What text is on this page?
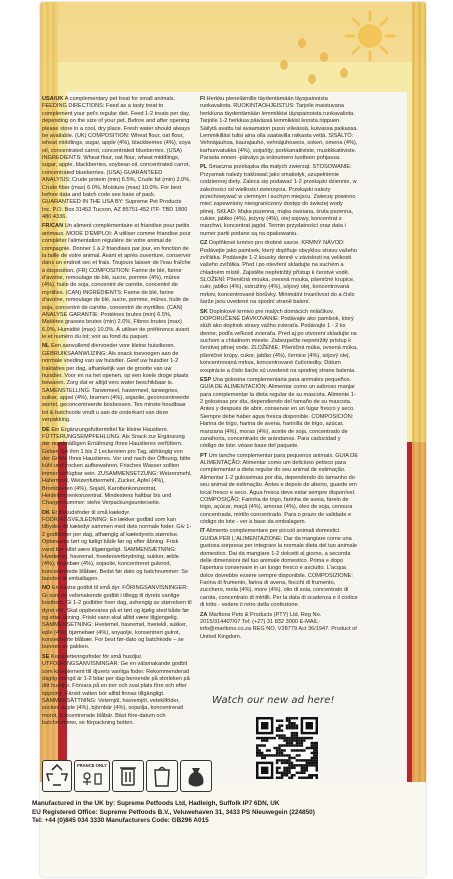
USA/UK A complementary pet treat for small animals. FEEDING DIRECTIONS: Feed as a tasty treat to complement your pet's regular diet. Feed 1-2 treats per day, depending on the size of your pet. Before and after opening please store in a cool, dry place. Fresh water should always be available. (UK) COMPOSITION: Wheat flour, oat flour, wheat middlings, sugar, apple (4%), blackberries (4%), soya oil, concentrated carrot, concentrated blueberries. (USA) INGREDIENTS: Wheat flour, oat flour, wheat middlings, sugar, apple, blackberries, soybean oil, concentrated carrot, concentrated blueberries. (USA) GUARANTEED ANALYSIS: Crude protein (min) 6.5%, Crude fat (min) 2.0%, Crude fiber (max) 6.0%, Moisture (max) 10.0%. For best before data and batch code see base of pack. GUARANTEED IN THE USA BY: Supreme Pet Products Inc. P.O. Box 31452 Tucson, AZ 85751-452 ITF: TBD 1800 480 4336.
FR/CAN Un aliment complémentaire et friandise pour petits animaux. MODE D'EMPLOI: À utiliser comme friandise pour compléter l'alimentation régulière de votre animal de compagnie. Donner 1 à 2 friandises par jour, en fonction de la taille de votre animal. Avant et après ouverture, conserver dans un endroit sec et frais. Toujours laisser de l'eau fraîche à disposition. (FR) COMPOSITION: Farine de blé, farine d'avoine, remoulage de blé, sucre, pomme (4%), mûres (4%), huile de soja, concentré de carotte, concentré de myrtilles. (CAN) INGRÉDIENTS: Farine de blé, farine d'avoine, remoulage de blé, sucre, pomme, mûres, huile de soja, concentré de carotte, concentré de myrtilles. (CAN) ANALYSE GARANTIE: Protéines brutes (min) 6.5%, Matières grasses brutes (min) 2.0%, Fibres brutes (max) 6.0%, Humidité (max) 10.0%. À utiliser de préférence avant le et numéro du lot; voir au fond du paquet.
NL Een aanvullend diervoeder voor kleine huisdieren. GEBRUIKSAANWIJZING: Als snack toevoegen aan de normale voeding van uw huisdier. Geef uw huisdier 1-2 traktaties per dag, afhankelijk van de grootte van uw huisdier. Voor en na het openen, op een koele droge plaats bewaren. Zorg dat er altijd vers water beschikbaar is. SAMENSTELLING: Tarwemeel, havermeel, tarwegries, suiker, appel (4%), bramen (4%), sojaolie, geconcentreerde wortel, geconcentreerde bosbessen. Ten minste houdbaar tot & batchcode vindt u aan de onderkant van deze verpakking.
DE Ein Ergänzungsfuttermittel für kleine Haustiere. FÜTTERUNGSEMPFEHLUNG: Als Snack zur Ergänzung der regelmäßigen Ernährung Ihres Haustieres verfüttern. Geben Sie ihm 1 bis 2 Leckereien pro Tag, abhängig von der Größe Ihres Haustieres. Vor und nach der Öffnung, bitte kühl und trocken aufbewahren. Frisches Wasser sollten immer verfügbar sein. ZUSAMMENSETZUNG: Weizenmehl, Hafermehl, Weizenfuttermehl, Zucker, Apfel (4%), Brombeeren (4%), Sojaöl, Karottenkonzentrat, Heidelbeerenkonzentrat. Mindestens haltbar bis und Chargennummer: siehe Verpackungsunterseite.
DK Et tilskudsfoder til små kæledyr. FODRINGSVEJLEDNING: En lækker godbid som kan tilbydes dit kæledyr sammen med dets normale foder. Giv 1-2 godbidder per dag, afhængig af kæledyrets størrelse. Opbevares tørt og køligt både før og efter åbning. Frisk vand bør altid være tilgængeligt. SAMMENSÆTNING: Hvedemel, havremel, hvedeoverbrydning, sukker, æble (4%), brombær (4%), sojaolie, koncentreret gulerod, koncentrerede blåbær. Bedst før dato og batchnummer: Se bunden af emballagen.
NO En ekstra godbit til små dyr. FÔRINGSANVISNINGER: Gi som en velsmakende godbit i tillegg til dyrets vanlige kosthold. Gi 1-2 godbiter hver dag, avhengig av størrelsen til dyret ditt. Skal oppbevares på et tørt og kjølig sted både før og etter åpning. Friskt vann skal alltid være tilgjengelig. SAMMENSETNING: Hvetemel, havremel, hvetekli, sukker, eple (4%), bjørnebær (4%), soyaolje, konsentrert gulrot, konsentrerte blåbær. For best før-dato og batchkode – se bunnen av pakken.
SE Kompletteringsfoder för små husdjur. UTFODRINGSANVISNINGAR: Ge en välsmakande godbit som komplement till djurets vanliga foder. Rekommenderad daglig mängd är 1-2 bitar per dag beroende på storleken på ditt husdjur. Förvara på en torr och sval plats före och efter öppning. Färskt vatten bör alltid finnas tillgängligt. SAMMANSÄTTNING: Vetemjöl, havremjöl, vetekliföder, socker, äpple (4%), björnbär (4%), sojaolja, koncentrerad morot, koncentrerade blåbär. Bäst före-datum och batchnummer, se förpackning botten.
FI Herkku pieneläimille täydentämään täyspainoista ruokavaliota. RUOKINTAOHJEISTUS: Tarjoile maistuvana herkkuna täydentämään lemmikkisi täyspainoista ruokavaliota. Tarjoile 1-2 herkkua päivässä lemmikkisi koosta riippuen. Säilytä avattu tai avaamaton pussi viileässä, kuivassa paikassa. Lemmikilläsi tulisi aina olla saatavilla raikasta vettä. SISÄLTÖ: Vehnäjauhoa, kaurajauho, vehnäjuhoseos, sokeri, omena (4%), karhunvatukka (4%), soijaöljy, porkkanatiiviste, mustikkatiiviste. Parasta ennen -päiväys ja eränumero tuotteen pohjassa.
PL Smaczna przekąska dla małych zwierząt. STOSOWANIE: Przysmak należy traktować jako smakołyk, uzupełnienie codziennej diety. Zaleca się podawać 1-2 przekąski dziennie, w zależności od wielkości zwierzęcia. Przekąski należy przechowywać w ciemnym i suchym miejscu. Zwierzę powinno mieć zapewniony nieograniczony dostęp do świeżej wody pitnej. SKŁAD: Mąka pszenna, mąka owsiana, śruta pszenna, cukier, jabłko (4%), jeżyny (4%), olej sojowy, koncentrat z marchwi, koncentrat jagód. Termin przydatności oraz data i numer partii podane są na opakowaniu.
CZ Doplňkové krmivo pro drobné savce. KRMNÝ NÁVOD: Podávejte jako pamlsek, který doplňuje obvyklou stravu vašeho zvířátka. Podávejte 1-2 kousky denně v závislosti na velikosti vašeho zvířátka. Před i po otevření skladujte na suchém a chladném místě. Zajistěte nepřetržitý přístup k čerstvé vodě. SLOŽENÍ: Pšeničná mouka, ovesná mouka, pšeničné krupice, cukr, jablko (4%), ostružiny (4%), sójový olej, koncentrovaná mrkev, koncentrované borůvky. Minimální trvanlivost do a číslo šarže jsou uvedené na spodní straně balení.
SK Doplnkové krmivo pre malých domácich miláčikov. DOPORUČENÉ DÁVKOVANIE: Podávajte ako pamlsok, ktorý slúži ako doplnok stravy vášho zvieraťa. Podávajte 1 - 2 ks denne, podľa veľkosti zvieraťa. Pred aj po otvorení skladujte na suchom a chladnom mieste. Zabezpečte nepretržitý prístup k čerstvej pitnej vode. ZLOŽENIE: Pšeničná múka, ovsená múka, pšeničné krúpy, cukor, jablko (4%), černice (4%), sójový olej, koncentrovaná mrkva, koncentrované čučoriedky. Dátum exspirácie a číslo šarže sú uvedené na spodnej strane balenia.
ESP Una golosina complementaria para animales pequeños. GUÍA DE ALIMENTACIÓN: Alimentar como un sabroso manjar para complementar la dieta regular de su mascota. Alimente 1-2 golosinas por día, dependiendo del tamaño de su mascota. Antes y después de abrir, conservar en un lugar fresco y seco. Siempre debe haber agua fresca disponible. COMPOSICIÓN: Harina de trigo, harina de avena, harinilla de trigo, azúcar, manzana (4%), moras (4%), aceite de soja, concentrado de zanahoria, concentrado de arándanos. Para caducidad y código de lote: véase base del paquete.
PT Um lanche complementar para pequenos animais. GUIA DE ALIMENTAÇÃO: Alimentar como um delicioso petisco para complementar a dieta regular do seu animal de estimação. Alimentar 1-2 guloseimas por dia, dependendo do tamanho do seu animal de estimação. Antes e depois de aberto, guarde em local fresco e seco. Água fresca deve estar sempre disponível. COMPOSIÇÃO: Farinha de trigo, farinha de aveia, farelo de trigo, açúcar, maçã (4%), amoras (4%), óleo de soja, cenoura concentrada, mirtilo concentrado. Para o prazo de validade e código do lote - ver a base da embalagem.
IT Alimento complementare per piccoli animali domestici. GUIDA PER L'ALIMENTAZIONE: Dar da mangiare come una gustosa sorpresa per integrare la normale dieta del tuo animale domestico. Dai da mangiare 1-2 dolcetti al giorno, a seconda delle dimensioni del tuo animale domestico. Prima e dopo l'apertura conservare in un luogo fresco e asciutto. L'acqua dolce dovrebbe essere sempre disponibile. COMPOSIZIONE: Farina di frumento, farina di avena, fiocchi di frumento, zucchero, mela (4%), more (4%), olio di soia, concentrato di carota, concentrato di mirtilli. Per la data di scadenza e il codice di lotto - vedere il retro della confezione.
ZA Marltons Pets & Products (PTY) Ltd, Reg No. 2015/314407/07 Tel: (+27) 31 832 3000 E-MAIL: info@marltons.co.za REG NO. V28779 Act 36/1947. Product of United Kingdom.
Watch our new ad here!
FRANCE ONLY
Manufactured in the UK by: Supreme Petfoods Ltd, Hadleigh, Suffolk IP7 6DN, UK
EU Registered Office: Supreme Petfoods B.V., Veluwehaven 31, 3433 PS Nieuwegein (224850)
Tel: +44 (0)845 034 3330 Manufacturers Code: GB296 A015
